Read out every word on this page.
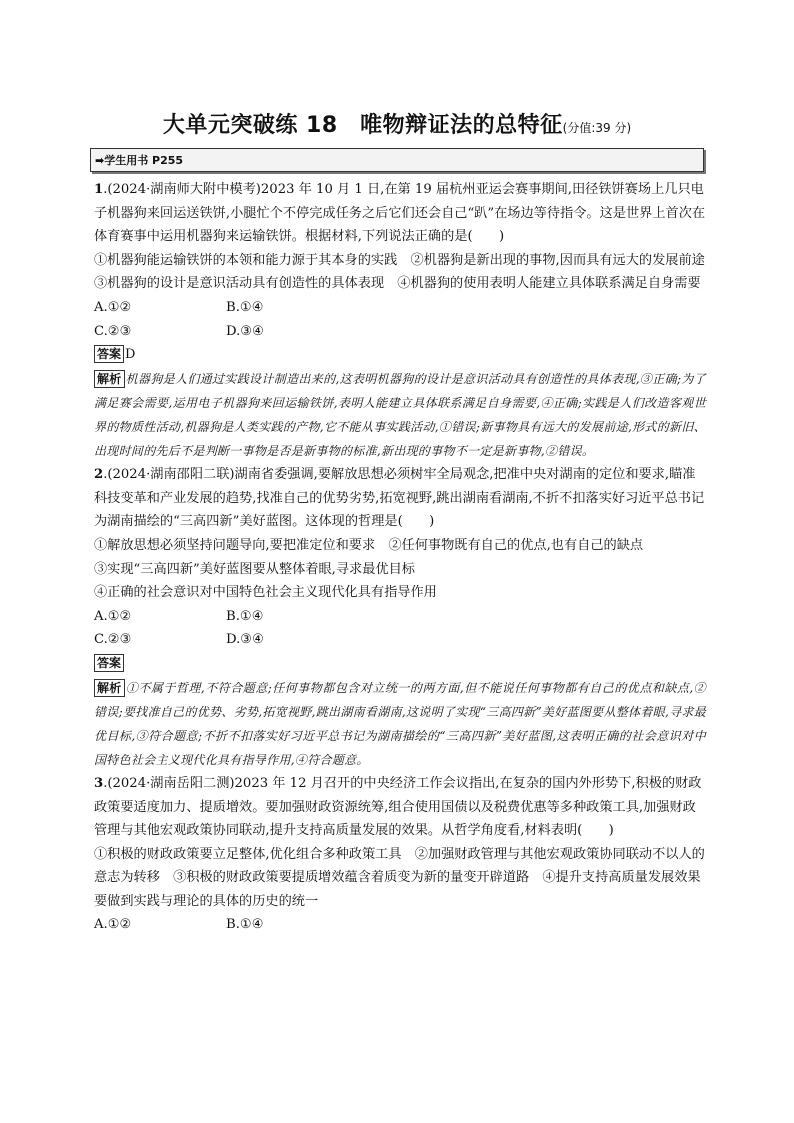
大单元突破练 18　唯物辩证法的总特征(分值:39 分)
➡学生用书 P255

1.(2024·湖南师大附中模考)2023 年 10 月 1 日,在第 19 届杭州亚运会赛事期间,田径铁饼赛场上几只电子机器狗来回运送铁饼,小腿忙个不停完成任务之后它们还会自己“趴”在场边等待指令。这是世界上首次在体育赛事中运用机器狗来运输铁饼。根据材料,下列说法正确的是(　　)

①机器狗能运输铁饼的本领和能力源于其本身的实践　②机器狗是新出现的事物,因而具有远大的发展前途　③机器狗的设计是意识活动具有创造性的具体表现　④机器狗的使用表明人能建立具体联系满足自身需要
A.①②	B.①④
C.②③	D.③④
答案 D
解析 机器狗是人们通过实践设计制造出来的,这表明机器狗的设计是意识活动具有创造性的具体表现,③正确;为了满足赛会需要,运用电子机器狗来回运输铁饼,表明人能建立具体联系满足自身需要,④正确;实践是人们改造客观世界的物质性活动,机器狗是人类实践的产物,它不能从事实践活动,①错误;新事物具有远大的发展前途,形式的新旧、出现时间的先后不是判断一事物是否是新事物的标准,新出现的事物不一定是新事物,②错误。

2.(2024·湖南邵阳二联)湖南省委强调,要解放思想必须树牢全局观念,把准中央对湖南的定位和要求,瞄准科技变革和产业发展的趋势,找准自己的优势劣势,拓宽视野,跳出湖南看湖南,不折不扣落实好习近平总书记为湖南描绘的“三高四新”美好蓝图。这体现的哲理是(　　)

①解放思想必须坚持问题导向,要把准定位和要求　②任何事物既有自己的优点,也有自己的缺点
③实现“三高四新”美好蓝图要从整体着眼,寻求最优目标
④正确的社会意识对中国特色社会主义现代化具有指导作用
A.①②	B.①④
C.②③	D.③④
答案
解析 ①不属于哲理,不符合题意;任何事物都包含对立统一的两方面,但不能说任何事物都有自己的优点和缺点,②错误;要找准自己的优势、劣势,拓宽视野,跳出湖南看湖南,这说明了实现“三高四新”美好蓝图要从整体着眼,寻求最优目标,③符合题意;不折不扣落实好习近平总书记为湖南描绘的“三高四新”美好蓝图,这表明正确的社会意识对中国特色社会主义现代化具有指导作用,④符合题意。

3.(2024·湖南岳阳二测)2023 年 12 月召开的中央经济工作会议指出,在复杂的国内外形势下,积极的财政政策要适度加力、提质增效。要加强财政资源统筹,组合使用国债以及税费优惠等多种政策工具,加强财政管理与其他宏观政策协同联动,提升支持高质量发展的效果。从哲学角度看,材料表明(　　)

①积极的财政政策要立足整体,优化组合多种政策工具　②加强财政管理与其他宏观政策协同联动不以人的意志为转移　③积极的财政政策要提质增效蕴含着质变为新的量变开辟道路　④提升支持高质量发展效果要做到实践与理论的具体的历史的统一
A.①②	B.①④
